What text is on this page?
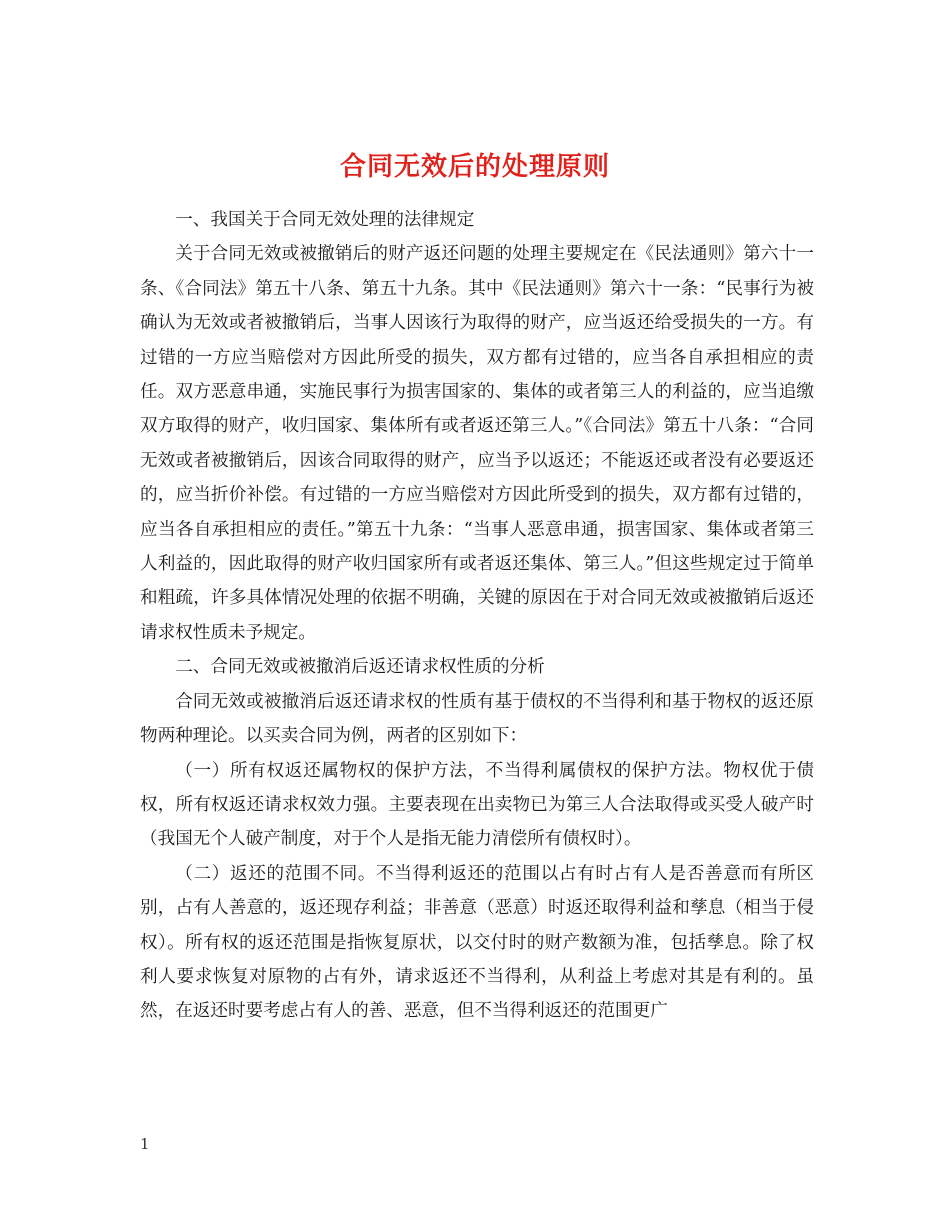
合同无效后的处理原则

一、我国关于合同无效处理的法律规定

关于合同无效或被撤销后的财产返还问题的处理主要规定在《民法通则》第六十一条、《合同法》第五十八条、第五十九条。其中《民法通则》第六十一条：“民事行为被确认为无效或者被撤销后，当事人因该行为取得的财产，应当返还给受损失的一方。有过错的一方应当赔偿对方因此所受的损失，双方都有过错的，应当各自承担相应的责任。双方恶意串通，实施民事行为损害国家的、集体的或者第三人的利益的，应当追缴双方取得的财产，收归国家、集体所有或者返还第三人。”《合同法》第五十八条：“合同无效或者被撤销后，因该合同取得的财产，应当予以返还；不能返还或者没有必要返还的，应当折价补偿。有过错的一方应当赔偿对方因此所受到的损失，双方都有过错的，应当各自承担相应的责任。”第五十九条：“当事人恶意串通，损害国家、集体或者第三人利益的，因此取得的财产收归国家所有或者返还集体、第三人。”但这些规定过于简单和粗疏，许多具体情况处理的依据不明确，关键的原因在于对合同无效或被撤销后返还请求权性质未予规定。

二、合同无效或被撤消后返还请求权性质的分析

合同无效或被撤消后返还请求权的性质有基于债权的不当得利和基于物权的返还原物两种理论。以买卖合同为例，两者的区别如下：

（一）所有权返还属物权的保护方法，不当得利属债权的保护方法。物权优于债权，所有权返还请求权效力强。主要表现在出卖物已为第三人合法取得或买受人破产时（我国无个人破产制度，对于个人是指无能力清偿所有债权时）。

（二）返还的范围不同。不当得利返还的范围以占有时占有人是否善意而有所区别，占有人善意的，返还现存利益；非善意（恶意）时返还取得利益和孳息（相当于侵权）。所有权的返还范围是指恢复原状，以交付时的财产数额为准，包括孳息。除了权利人要求恢复对原物的占有外，请求返还不当得利，从利益上考虑对其是有利的。虽然，在返还时要考虑占有人的善、恶意，但不当得利返还的范围更广

1
